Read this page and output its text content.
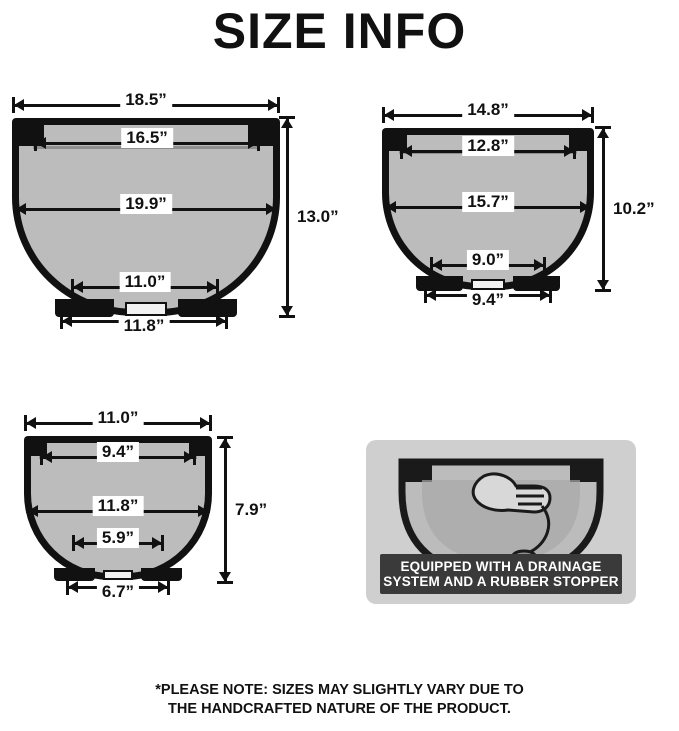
SIZE INFO
18.5”
16.5”
19.9”
11.0”
11.8”
13.0”
14.8”
12.8”
15.7”
9.0”
9.4”
10.2”
11.0”
9.4”
11.8”
5.9”
6.7”
7.9”
EQUIPPED WITH A DRAINAGE
SYSTEM AND A RUBBER STOPPER
*PLEASE NOTE: SIZES MAY SLIGHTLY VARY DUE TO
THE HANDCRAFTED NATURE OF THE PRODUCT.
